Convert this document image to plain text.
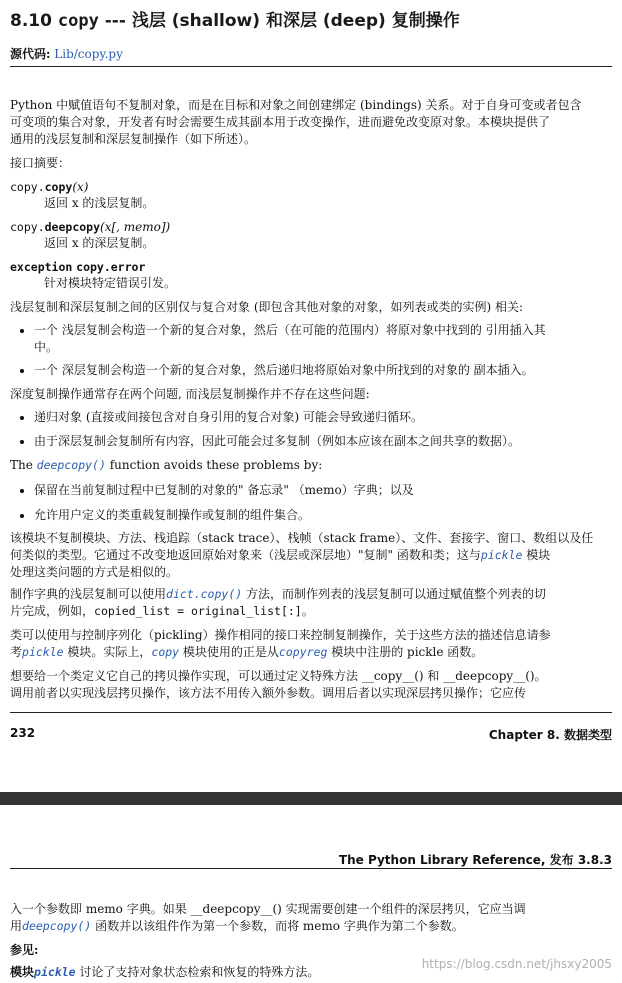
8.10 copy --- 浅层 (shallow) 和深层 (deep) 复制操作
源代码: Lib/copy.py
Python 中赋值语句不复制对象，而是在目标和对象之间创建绑定 (bindings) 关系。对于自身可变或者包含
可变项的集合对象，开发者有时会需要生成其副本用于改变操作，进而避免改变原对象。本模块提供了
通用的浅层复制和深层复制操作（如下所述）。
接口摘要：
copy.copy(x)
返回 x 的浅层复制。
copy.deepcopy(x[, memo])
返回 x 的深层复制。
exception copy.error
针对模块特定错误引发。
浅层复制和深层复制之间的区别仅与复合对象 (即包含其他对象的对象，如列表或类的实例) 相关:
一个 浅层复制会构造一个新的复合对象，然后（在可能的范围内）将原对象中找到的 引用插入其
中。
一个 深层复制会构造一个新的复合对象，然后递归地将原始对象中所找到的对象的 副本插入。
深度复制操作通常存在两个问题, 而浅层复制操作并不存在这些问题:
递归对象 (直接或间接包含对自身引用的复合对象) 可能会导致递归循环。
由于深层复制会复制所有内容，因此可能会过多复制（例如本应该在副本之间共享的数据）。
The deepcopy() function avoids these problems by:
保留在当前复制过程中已复制的对象的" 备忘录" （memo）字典；以及
允许用户定义的类重载复制操作或复制的组件集合。
该模块不复制模块、方法、栈追踪（stack trace）、栈帧（stack frame）、文件、套接字、窗口、数组以及任
何类似的类型。它通过不改变地返回原始对象来（浅层或深层地）"复制" 函数和类；这与pickle 模块
处理这类问题的方式是相似的。
制作字典的浅层复制可以使用dict.copy() 方法，而制作列表的浅层复制可以通过赋值整个列表的切
片完成，例如，copied_list = original_list[:]。
类可以使用与控制序列化（pickling）操作相同的接口来控制复制操作，关于这些方法的描述信息请参
考pickle 模块。实际上，copy 模块使用的正是从copyreg 模块中注册的 pickle 函数。
想要给一个类定义它自己的拷贝操作实现，可以通过定义特殊方法 __copy__() 和 __deepcopy__()。
调用前者以实现浅层拷贝操作，该方法不用传入额外参数。调用后者以实现深层拷贝操作；它应传
232	Chapter 8. 数据类型
The Python Library Reference, 发布 3.8.3
入一个参数即 memo 字典。如果 __deepcopy__() 实现需要创建一个组件的深层拷贝，它应当调
用deepcopy() 函数并以该组件作为第一个参数，而将 memo 字典作为第二个参数。
参见:
模块pickle 讨论了支持对象状态检索和恢复的特殊方法。
https://blog.csdn.net/jhsxy2005
